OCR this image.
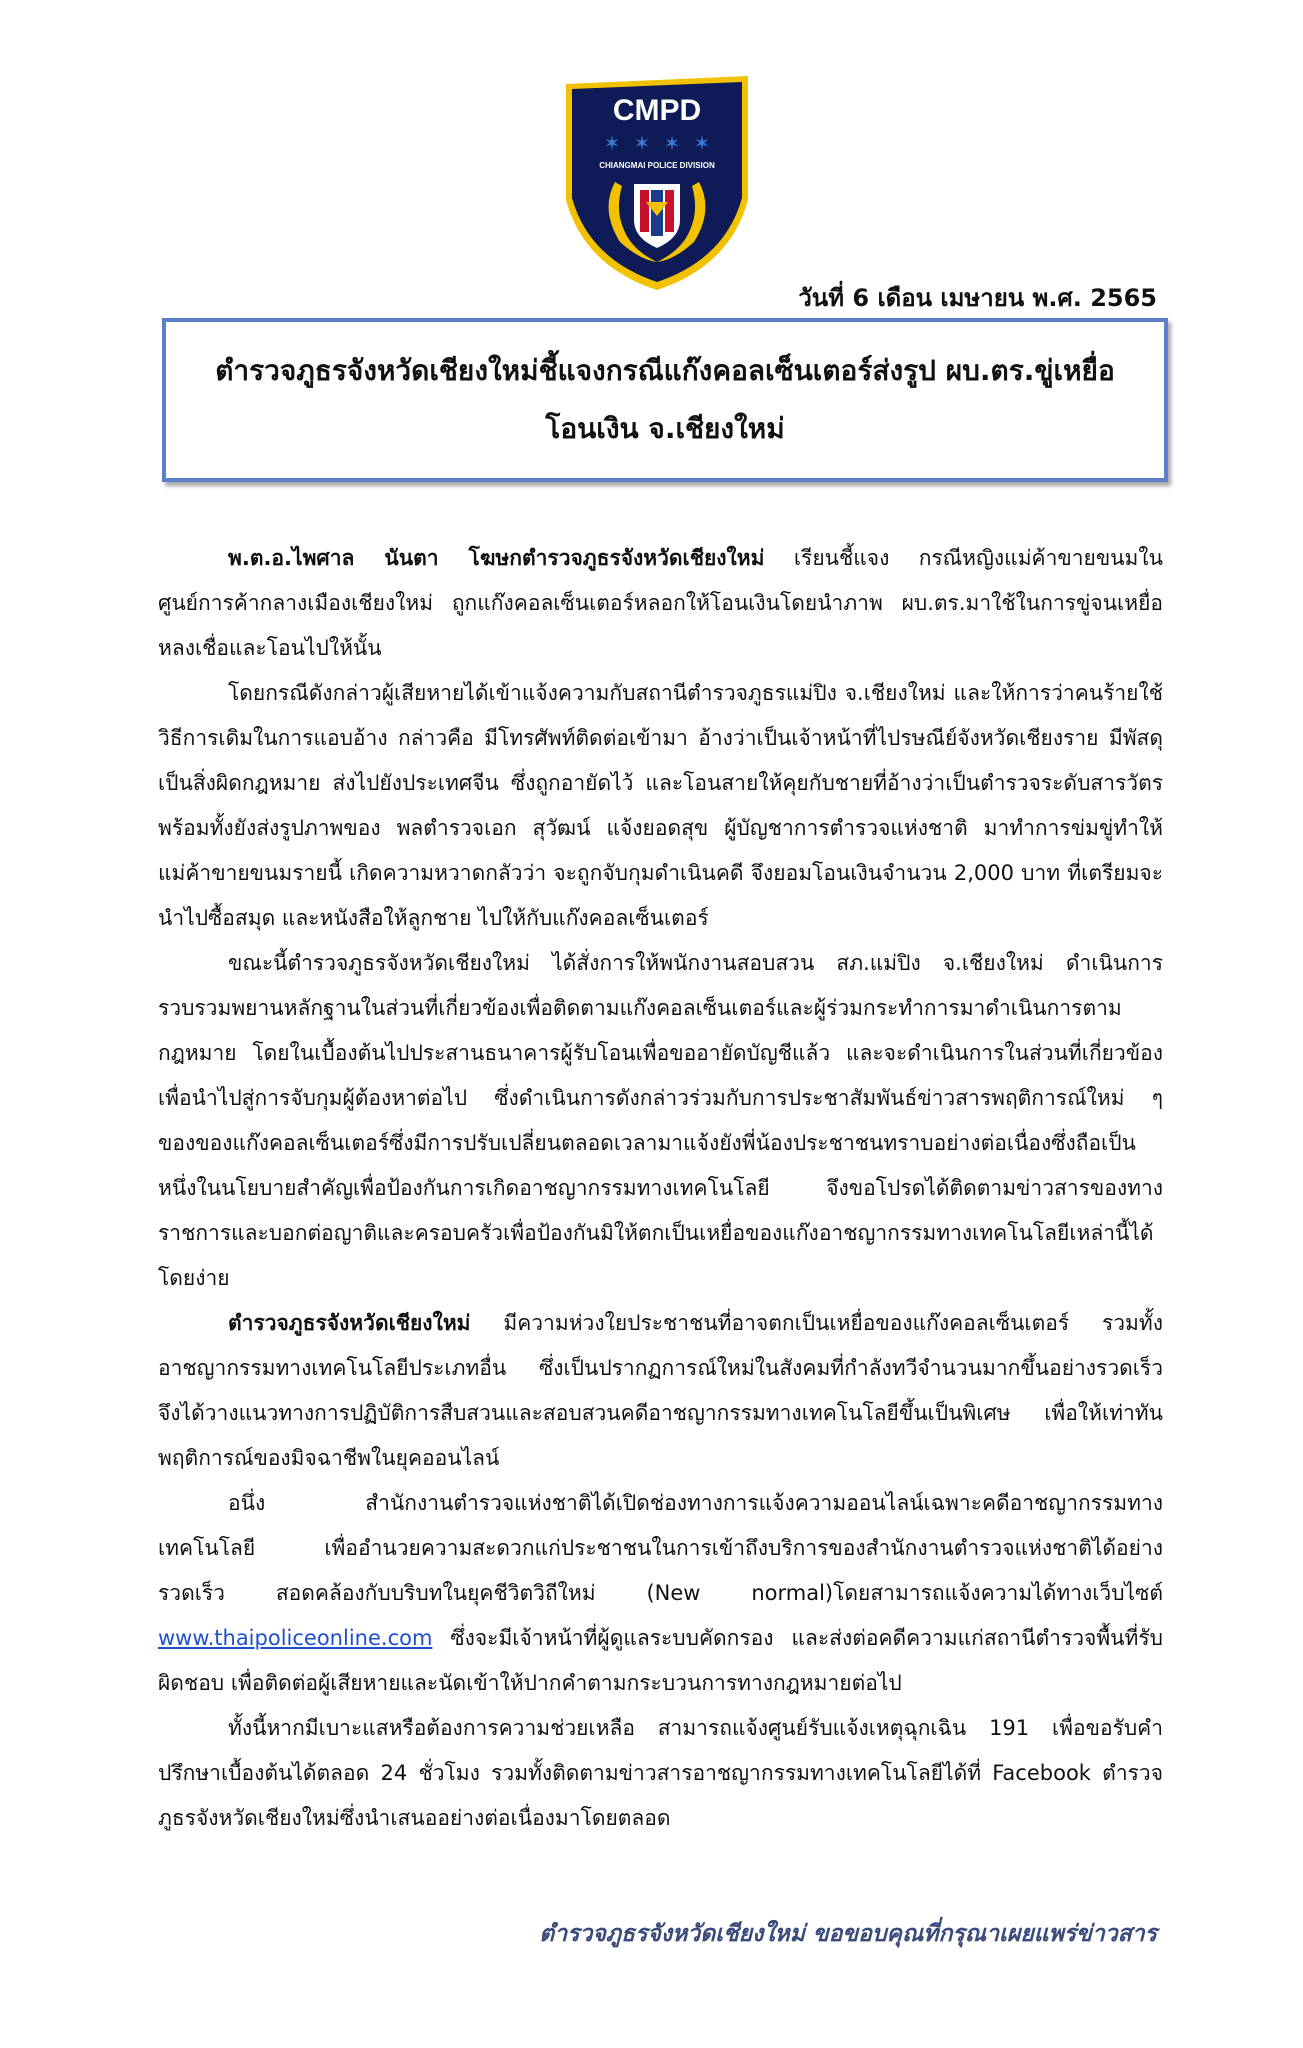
CMPD
✶ ✶ ✶ ✶
CHIANGMAI POLICE DIVISION
วันที่ 6 เดือน เมษายน พ.ศ. 2565
ตำรวจภูธรจังหวัดเชียงใหม่ชี้แจงกรณีแก๊งคอลเซ็นเตอร์ส่งรูป ผบ.ตร.ขู่เหยื่อโอนเงิน จ.เชียงใหม่

พ.ต.อ.ไพศาล นันตา โฆษกตำรวจภูธรจังหวัดเชียงใหม่ เรียนชี้แจง กรณีหญิงแม่ค้าขายขนมในศูนย์การค้ากลางเมืองเชียงใหม่ ถูกแก๊งคอลเซ็นเตอร์หลอกให้โอนเงินโดยนำภาพ ผบ.ตร.มาใช้ในการขู่จนเหยื่อหลงเชื่อและโอนไปให้นั้น

โดยกรณีดังกล่าวผู้เสียหายได้เข้าแจ้งความกับสถานีตำรวจภูธรแม่ปิง จ.เชียงใหม่ และให้การว่าคนร้ายใช้วิธีการเดิมในการแอบอ้าง กล่าวคือ มีโทรศัพท์ติดต่อเข้ามา อ้างว่าเป็นเจ้าหน้าที่ไปรษณีย์จังหวัดเชียงราย มีพัสดุเป็นสิ่งผิดกฎหมาย ส่งไปยังประเทศจีน ซึ่งถูกอายัดไว้ และโอนสายให้คุยกับชายที่อ้างว่าเป็นตำรวจระดับสารวัตร พร้อมทั้งยังส่งรูปภาพของ พลตำรวจเอก สุวัฒน์ แจ้งยอดสุข ผู้บัญชาการตำรวจแห่งชาติ มาทำการข่มขู่ทำให้แม่ค้าขายขนมรายนี้ เกิดความหวาดกลัวว่า จะถูกจับกุมดำเนินคดี จึงยอมโอนเงินจำนวน 2,000 บาท ที่เตรียมจะนำไปซื้อสมุด และหนังสือให้ลูกชาย ไปให้กับแก๊งคอลเซ็นเตอร์

ขณะนี้ตำรวจภูธรจังหวัดเชียงใหม่ ได้สั่งการให้พนักงานสอบสวน สภ.แม่ปิง จ.เชียงใหม่ ดำเนินการรวบรวมพยานหลักฐานในส่วนที่เกี่ยวข้องเพื่อติดตามแก๊งคอลเซ็นเตอร์และผู้ร่วมกระทำการมาดำเนินการตามกฎหมาย โดยในเบื้องต้นไปประสานธนาคารผู้รับโอนเพื่อขออายัดบัญชีแล้ว และจะดำเนินการในส่วนที่เกี่ยวข้องเพื่อนำไปสู่การจับกุมผู้ต้องหาต่อไป ซึ่งดำเนินการดังกล่าวร่วมกับการประชาสัมพันธ์ข่าวสารพฤติการณ์ใหม่ ๆ ของของแก๊งคอลเซ็นเตอร์ซึ่งมีการปรับเปลี่ยนตลอดเวลามาแจ้งยังพี่น้องประชาชนทราบอย่างต่อเนื่องซึ่งถือเป็นหนึ่งในนโยบายสำคัญเพื่อป้องกันการเกิดอาชญากรรมทางเทคโนโลยี จึงขอโปรดได้ติดตามข่าวสารของทางราชการและบอกต่อญาติและครอบครัวเพื่อป้องกันมิให้ตกเป็นเหยื่อของแก๊งอาชญากรรมทางเทคโนโลยีเหล่านี้ได้โดยง่าย

ตำรวจภูธรจังหวัดเชียงใหม่ มีความห่วงใยประชาชนที่อาจตกเป็นเหยื่อของแก๊งคอลเซ็นเตอร์ รวมทั้งอาชญากรรมทางเทคโนโลยีประเภทอื่น ซึ่งเป็นปรากฏการณ์ใหม่ในสังคมที่กำลังทวีจำนวนมากขึ้นอย่างรวดเร็ว จึงได้วางแนวทางการปฏิบัติการสืบสวนและสอบสวนคดีอาชญากรรมทางเทคโนโลยีขึ้นเป็นพิเศษ เพื่อให้เท่าทันพฤติการณ์ของมิจฉาชีพในยุคออนไลน์

อนึ่ง สำนักงานตำรวจแห่งชาติได้เปิดช่องทางการแจ้งความออนไลน์เฉพาะคดีอาชญากรรมทางเทคโนโลยี เพื่ออำนวยความสะดวกแก่ประชาชนในการเข้าถึงบริการของสำนักงานตำรวจแห่งชาติได้อย่างรวดเร็ว สอดคล้องกับบริบทในยุคชีวิตวิถีใหม่ (New normal)โดยสามารถแจ้งความได้ทางเว็บไซต์ www.thaipoliceonline.com ซึ่งจะมีเจ้าหน้าที่ผู้ดูแลระบบคัดกรอง และส่งต่อคดีความแก่สถานีตำรวจพื้นที่รับผิดชอบ เพื่อติดต่อผู้เสียหายและนัดเข้าให้ปากคำตามกระบวนการทางกฎหมายต่อไป

ทั้งนี้หากมีเบาะแสหรือต้องการความช่วยเหลือ สามารถแจ้งศูนย์รับแจ้งเหตุฉุกเฉิน 191 เพื่อขอรับคำปรึกษาเบื้องต้นได้ตลอด 24 ชั่วโมง รวมทั้งติดตามข่าวสารอาชญากรรมทางเทคโนโลยีได้ที่ Facebook ตำรวจภูธรจังหวัดเชียงใหม่ซึ่งนำเสนออย่างต่อเนื่องมาโดยตลอด

ตำรวจภูธรจังหวัดเชียงใหม่ ขอขอบคุณที่กรุณาเผยแพร่ข่าวสาร
